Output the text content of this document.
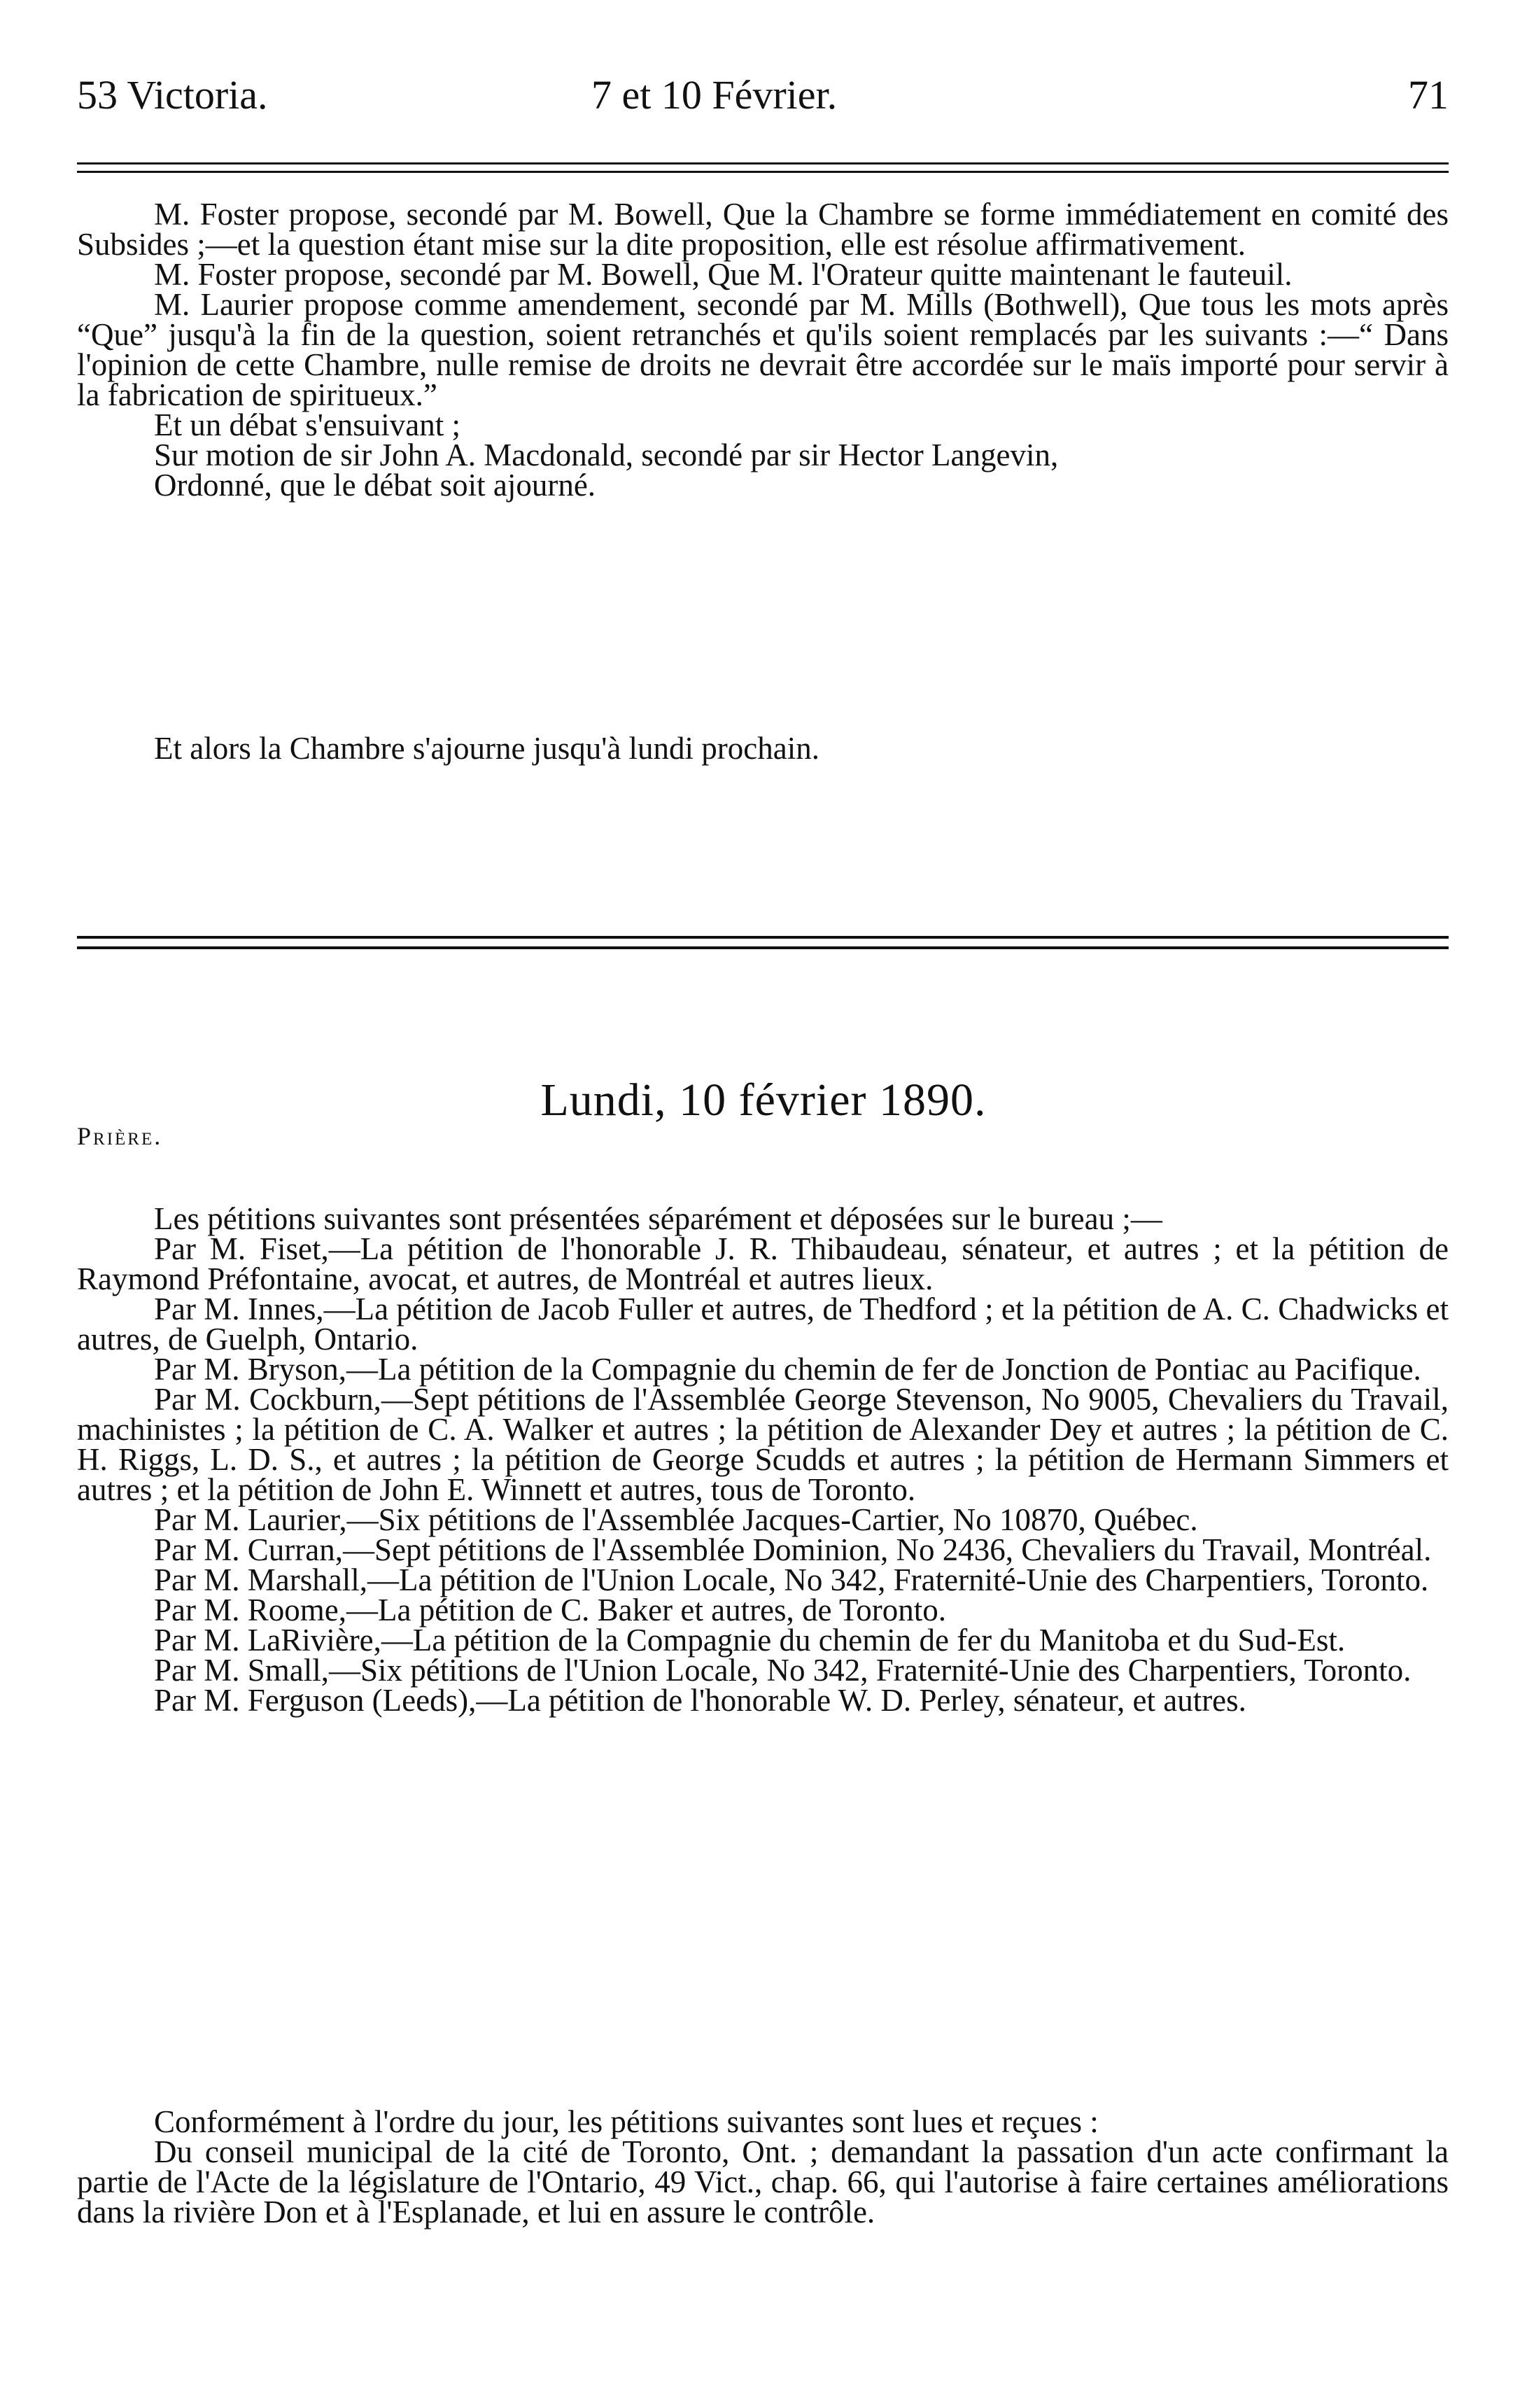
53 Victoria.	7 et 10 Février.	71

M. Foster propose, secondé par M. Bowell, Que la Chambre se forme immédiatement en comité des Subsides ;—et la question étant mise sur la dite proposition, elle est résolue affirmativement.

M. Foster propose, secondé par M. Bowell, Que M. l'Orateur quitte maintenant le fauteuil.

M. Laurier propose comme amendement, secondé par M. Mills (Bothwell), Que tous les mots après “Que” jusqu'à la fin de la question, soient retranchés et qu'ils soient remplacés par les suivants :—“ Dans l'opinion de cette Chambre, nulle remise de droits ne devrait être accordée sur le maïs importé pour servir à la fabrication de spiritueux.”

Et un débat s'ensuivant ;

Sur motion de sir John A. Macdonald, secondé par sir Hector Langevin,

Ordonné, que le débat soit ajourné.

Et alors la Chambre s'ajourne jusqu'à lundi prochain.

Lundi, 10 février 1890.
Prière.

Les pétitions suivantes sont présentées séparément et déposées sur le bureau ;—

Par M. Fiset,—La pétition de l'honorable J. R. Thibaudeau, sénateur, et autres ; et la pétition de Raymond Préfontaine, avocat, et autres, de Montréal et autres lieux.

Par M. Innes,—La pétition de Jacob Fuller et autres, de Thedford ; et la pétition de A. C. Chadwicks et autres, de Guelph, Ontario.

Par M. Bryson,—La pétition de la Compagnie du chemin de fer de Jonction de Pontiac au Pacifique.

Par M. Cockburn,—Sept pétitions de l'Assemblée George Stevenson, No 9005, Chevaliers du Travail, machinistes ; la pétition de C. A. Walker et autres ; la pétition de Alexander Dey et autres ; la pétition de C. H. Riggs, L. D. S., et autres ; la pétition de George Scudds et autres ; la pétition de Hermann Simmers et autres ; et la pétition de John E. Winnett et autres, tous de Toronto.

Par M. Laurier,—Six pétitions de l'Assemblée Jacques-Cartier, No 10870, Québec.

Par M. Curran,—Sept pétitions de l'Assemblée Dominion, No 2436, Chevaliers du Travail, Montréal.

Par M. Marshall,—La pétition de l'Union Locale, No 342, Fraternité-Unie des Charpentiers, Toronto.

Par M. Roome,—La pétition de C. Baker et autres, de Toronto.

Par M. LaRivière,—La pétition de la Compagnie du chemin de fer du Manitoba et du Sud-Est.

Par M. Small,—Six pétitions de l'Union Locale, No 342, Fraternité-Unie des Charpentiers, Toronto.

Par M. Ferguson (Leeds),—La pétition de l'honorable W. D. Perley, sénateur, et autres.

Conformément à l'ordre du jour, les pétitions suivantes sont lues et reçues :

Du conseil municipal de la cité de Toronto, Ont. ; demandant la passation d'un acte confirmant la partie de l'Acte de la législature de l'Ontario, 49 Vict., chap. 66, qui l'autorise à faire certaines améliorations dans la rivière Don et à l'Esplanade, et lui en assure le contrôle.
